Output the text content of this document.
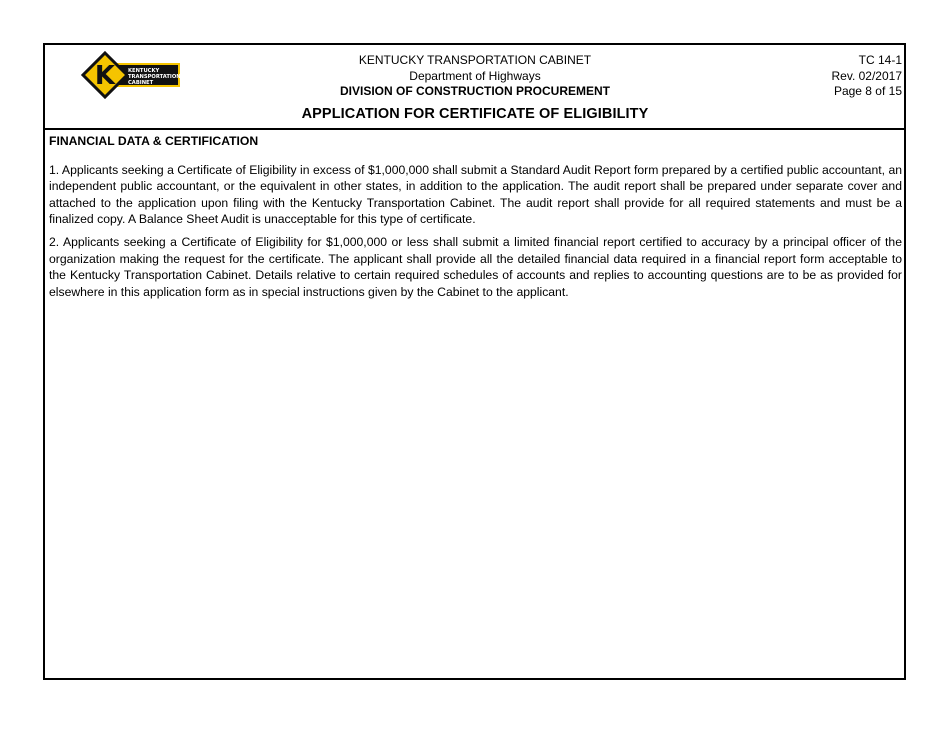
K KENTUCKY
TRANSPORTATION
CABINET
KENTUCKY TRANSPORTATION CABINET
Department of Highways
DIVISION OF CONSTRUCTION PROCUREMENT
TC 14-1
Rev. 02/2017
Page 8 of 15
APPLICATION FOR CERTIFICATE OF ELIGIBILITY
FINANCIAL DATA & CERTIFICATION

1. Applicants seeking a Certificate of Eligibility in excess of $1,000,000 shall submit a Standard Audit Report form prepared by a certified public accountant, an independent public accountant, or the equivalent in other states, in addition to the application. The audit report shall be prepared under separate cover and attached to the application upon filing with the Kentucky Transportation Cabinet. The audit report shall provide for all required statements and must be a finalized copy. A Balance Sheet Audit is unacceptable for this type of certificate.

2. Applicants seeking a Certificate of Eligibility for $1,000,000 or less shall submit a limited financial report certified to accuracy by a principal officer of the organization making the request for the certificate. The applicant shall provide all the detailed financial data required in a financial report form acceptable to the Kentucky Transportation Cabinet. Details relative to certain required schedules of accounts and replies to accounting questions are to be as provided for elsewhere in this application form as in special instructions given by the Cabinet to the applicant.
